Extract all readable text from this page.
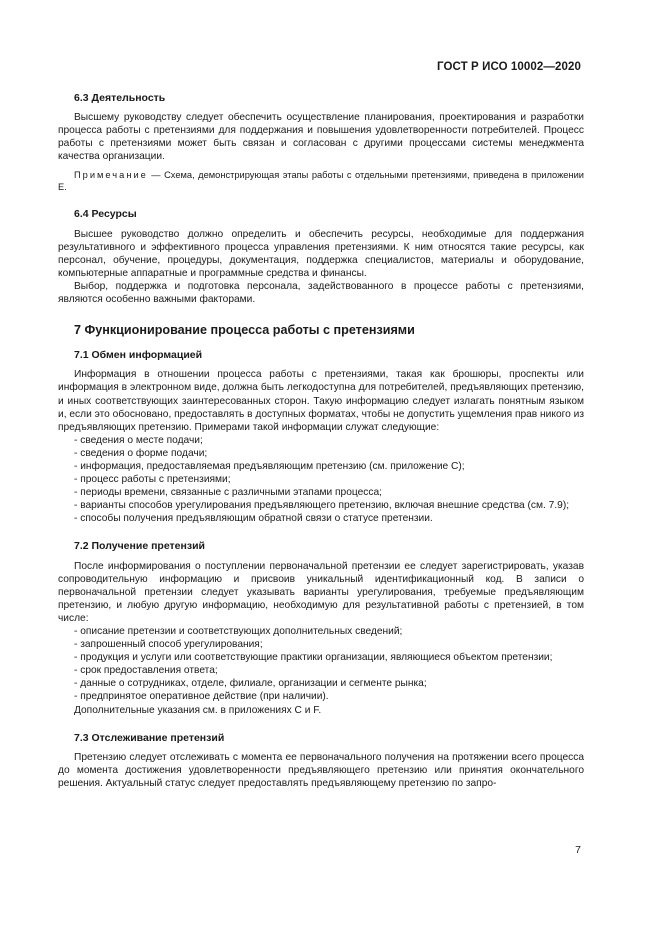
ГОСТ Р ИСО 10002—2020
6.3 Деятельность

Высшему руководству следует обеспечить осуществление планирования, проектирования и разработки процесса работы с претензиями для поддержания и повышения удовлетворенности потребителей. Процесс работы с претензиями может быть связан и согласован с другими процессами системы менеджмента качества организации.

Примечание — Схема, демонстрирующая этапы работы с отдельными претензиями, приведена в приложении Е.

6.4 Ресурсы

Высшее руководство должно определить и обеспечить ресурсы, необходимые для поддержания результативного и эффективного процесса управления претензиями. К ним относятся такие ресурсы, как персонал, обучение, процедуры, документация, поддержка специалистов, материалы и оборудование, компьютерные аппаратные и программные средства и финансы.

Выбор, поддержка и подготовка персонала, задействованного в процессе работы с претензиями, являются особенно важными факторами.

7 Функционирование процесса работы с претензиями
7.1 Обмен информацией

Информация в отношении процесса работы с претензиями, такая как брошюры, проспекты или информация в электронном виде, должна быть легкодоступна для потребителей, предъявляющих претензию, и иных соответствующих заинтересованных сторон. Такую информацию следует излагать понятным языком и, если это обосновано, предоставлять в доступных форматах, чтобы не допустить ущемления прав никого из предъявляющих претензию. Примерами такой информации служат следующие:

- сведения о месте подачи;

- сведения о форме подачи;

- информация, предоставляемая предъявляющим претензию (см. приложение С);

- процесс работы с претензиями;

- периоды времени, связанные с различными этапами процесса;

- варианты способов урегулирования предъявляющего претензию, включая внешние средства (см. 7.9);

- способы получения предъявляющим обратной связи о статусе претензии.

7.2 Получение претензий

После информирования о поступлении первоначальной претензии ее следует зарегистрировать, указав сопроводительную информацию и присвоив уникальный идентификационный код. В записи о первоначальной претензии следует указывать варианты урегулирования, требуемые предъявляющим претензию, и любую другую информацию, необходимую для результативной работы с претензией, в том числе:

- описание претензии и соответствующих дополнительных сведений;

- запрошенный способ урегулирования;

- продукция и услуги или соответствующие практики организации, являющиеся объектом претензии;

- срок предоставления ответа;

- данные о сотрудниках, отделе, филиале, организации и сегменте рынка;

- предпринятое оперативное действие (при наличии).

Дополнительные указания см. в приложениях С и F.

7.3 Отслеживание претензий

Претензию следует отслеживать с момента ее первоначального получения на протяжении всего процесса до момента достижения удовлетворенности предъявляющего претензию или принятия окончательного решения. Актуальный статус следует предоставлять предъявляющему претензию по запро-

7
